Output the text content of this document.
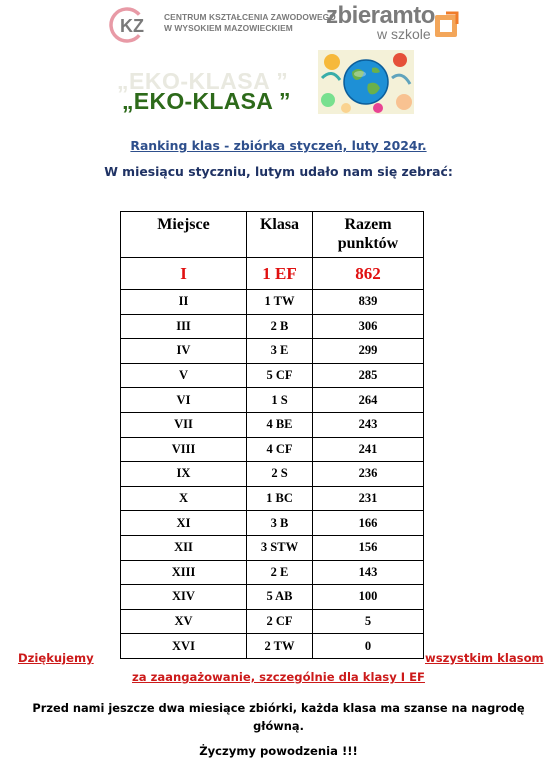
KZ CENTRUM KSZTAŁCENIA ZAWODOWEGO
W WYSOKIEM MAZOWIECKIEM	zbieramto
w szkole
„EKO-KLASA ”
„EKO-KLASA ”
Ranking klas - zbiórka styczeń, luty 2024r.
W miesiącu styczniu, lutym udało nam się zebrać:
Miejsce	Klasa	Razem punktów
I	1 EF	862
II	1 TW	839
III	2 B	306
IV	3 E	299
V	5 CF	285
VI	1 S	264
VII	4 BE	243
VIII	4 CF	241
IX	2 S	236
X	1 BC	231
XI	3 B	166
XII	3 STW	156
XIII	2 E	143
XIV	5 AB	100
XV	2 CF	5
XVI	2 TW	0
Dziękujemy	wszystkim klasom
za zaangażowanie, szczególnie dla klasy I EF
Przed nami jeszcze dwa miesiące zbiórki, każda klasa ma szanse na nagrodę główną.
Życzymy powodzenia !!!
